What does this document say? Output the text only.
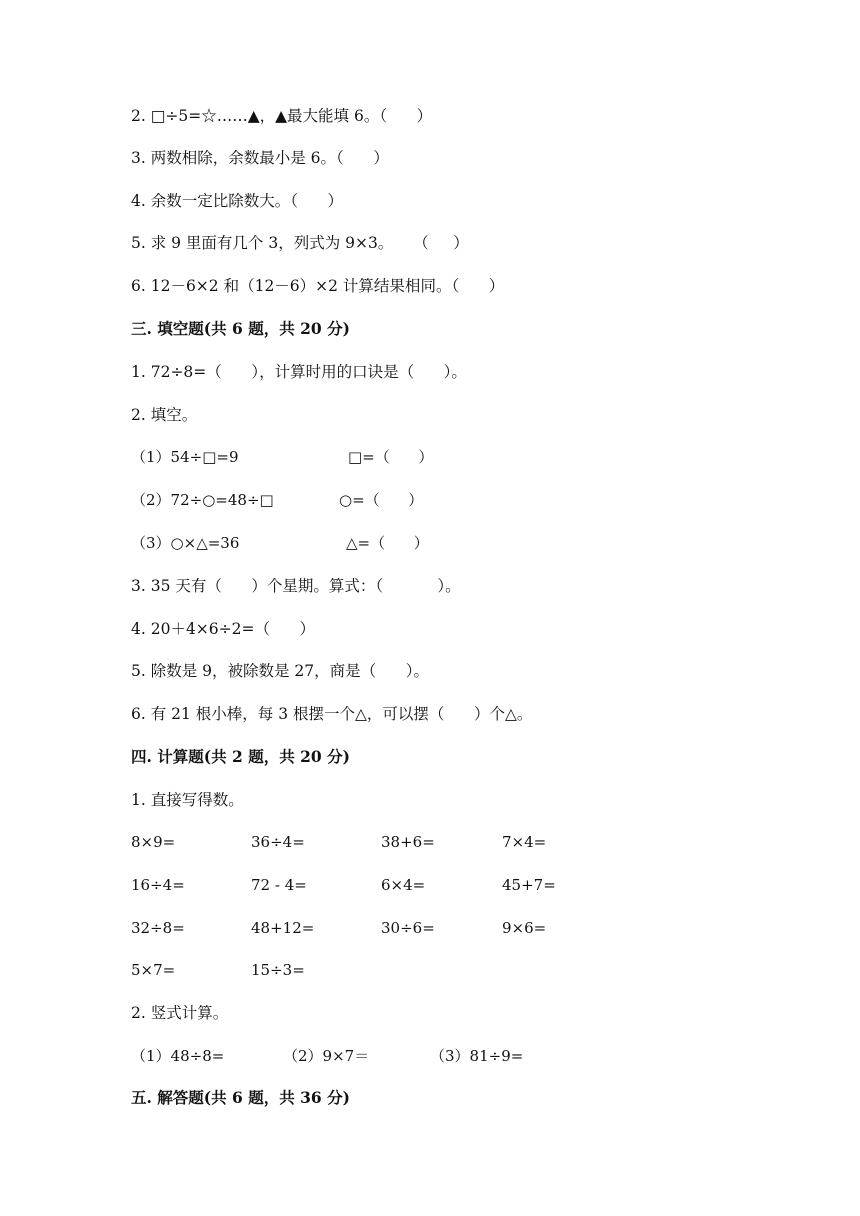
2. □÷5=☆……▲，▲最大能填 6。（      ）
3. 两数相除，余数最小是 6。（      ）
4. 余数一定比除数大。（      ）
5. 求 9 里面有几个 3，列式为 9×3。    （     ）
6. 12－6×2 和（12－6）×2 计算结果相同。（      ）
三. 填空题(共 6 题，共 20 分)
1. 72÷8=（      ），计算时用的口诀是（      ）。
2. 填空。
（1）54÷□=9	□=（      ）
（2）72÷○=48÷□	○=（      ）
（3）○×△=36	△=（      ）
3. 35 天有（      ）个星期。算式：（           ）。
4. 20＋4×6÷2=（      ）
5. 除数是 9，被除数是 27，商是（      ）。
6. 有 21 根小棒，每 3 根摆一个△，可以摆（      ）个△。
四. 计算题(共 2 题，共 20 分)
1. 直接写得数。
8×9=	36÷4=	38+6=	7×4=
16÷4=	72 - 4=	6×4=	45+7=
32÷8=	48+12=	30÷6=	9×6=
5×7=	15÷3=
2. 竖式计算。
（1）48÷8=	（2）9×7＝	（3）81÷9=
五. 解答题(共 6 题，共 36 分)
